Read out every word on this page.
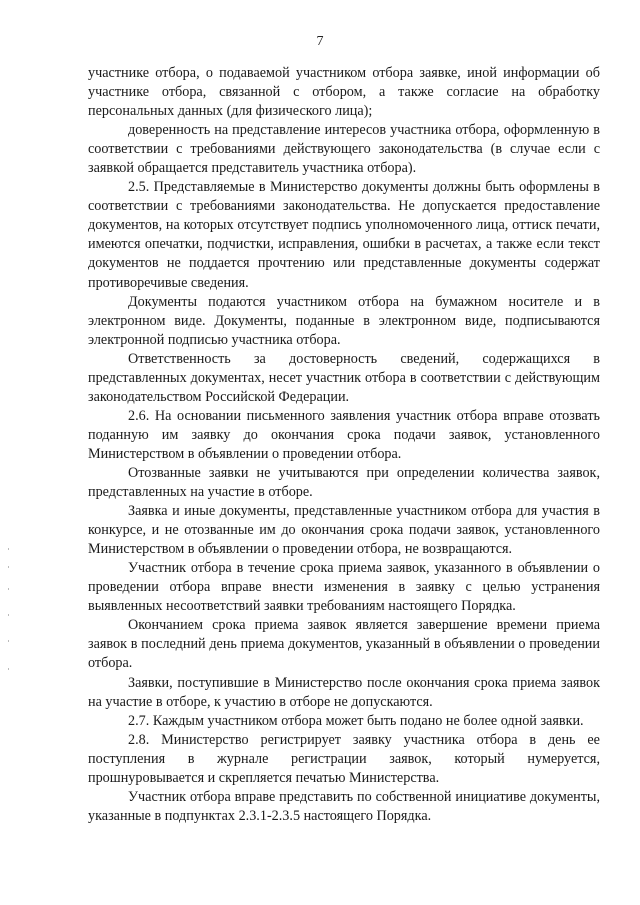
7

участнике отбора, о подаваемой участником отбора заявке, иной информации об участнике отбора, связанной с отбором, а также согласие на обработку персональных данных (для физического лица);

доверенность на представление интересов участника отбора, оформленную в соответствии с требованиями действующего законодательства (в случае если с заявкой обращается представитель участника отбора).

2.5. Представляемые в Министерство документы должны быть оформлены в соответствии с требованиями законодательства. Не допускается предоставление документов, на которых отсутствует подпись уполномоченного лица, оттиск печати, имеются опечатки, подчистки, исправления, ошибки в расчетах, а также если текст документов не поддается прочтению или представленные документы содержат противоречивые сведения.

Документы подаются участником отбора на бумажном носителе и в электронном виде. Документы, поданные в электронном виде, подписываются электронной подписью участника отбора.

Ответственность за достоверность сведений, содержащихся в представленных документах, несет участник отбора в соответствии с действующим законодательством Российской Федерации.

2.6. На основании письменного заявления участник отбора вправе отозвать поданную им заявку до окончания срока подачи заявок, установленного Министерством в объявлении о проведении отбора.

Отозванные заявки не учитываются при определении количества заявок, представленных на участие в отборе.

Заявка и иные документы, представленные участником отбора для участия в конкурсе, и не отозванные им до окончания срока подачи заявок, установленного Министерством в объявлении о проведении отбора, не возвращаются.

Участник отбора в течение срока приема заявок, указанного в объявлении о проведении отбора вправе внести изменения в заявку с целью устранения выявленных несоответствий заявки требованиям настоящего Порядка.

Окончанием срока приема заявок является завершение времени приема заявок в последний день приема документов, указанный в объявлении о проведении отбора.

Заявки, поступившие в Министерство после окончания срока приема заявок на участие в отборе, к участию в отборе не допускаются.

2.7. Каждым участником отбора может быть подано не более одной заявки.

2.8. Министерство регистрирует заявку участника отбора в день ее поступления в журнале регистрации заявок, который нумеруется, прошнуровывается и скрепляется печатью Министерства.

Участник отбора вправе представить по собственной инициативе документы, указанные в подпунктах 2.3.1-2.3.5 настоящего Порядка.
